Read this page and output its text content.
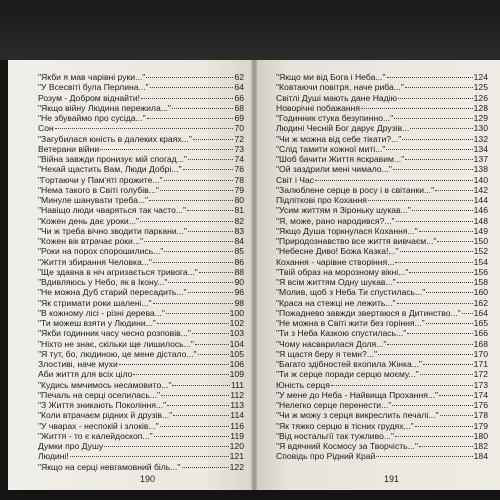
"Якби я мав чарівні руки..."	62
"У Всесвіті була Перлина..."	64
Розум - Добром віднайти!	66
"Якщо війну Людина пережила..."	68
"Не збуваймо про сусіда..."	69
Сон	70
"Загубилася юність в далеких краях..."	72
Ветерани війни	73
"Війна завжди пронизує мій спогад..."	74
"Нехай щастить Вам, Люди Добрі..."	76
"Гортаючи у Пам'яті прожите..."	78
"Нема такого в Світі голубів..."	79
"Минуле шанувати треба..."	80
"Навіщо люди чваряться так часто..."	81
"Кожен день дає уроки..."	82
"Чи ж треба вічно зводити паркани..."	83
"Кожен вік втрачає роки..."	84
"Роки на порох спорошились..."	85
"Життя збирання Человка..."	86
"Ще здавна в ніч агризається тривога..."	88
"Вдивляюсь у Небо, як в Ікону..."	90
"Не можна Дуб старий пересадить..."	96
"Як стримати роки шалені..."	98
"В кожному лісі - різні дерева..."	100
"Ти можеш взяти у Людини..."	102
"Якби годинник часу чесно розповів..."	103
"Ніхто не знає, скільки ще лишилось..."	104
"Я тут, бо, людиною, це мене дістало..."	105
Злостиві, наче мухи	106
Аби життя для всіх ціло	109
"Кудись ммчимось несамовито..."	111
"Печаль на серці оселилась..."	112
"З Життя зникають Покоління..."	113
"Коли втрачаєм рідних й друзів..."	114
"У чварах - неспокій і злоків..."	116
"Життя - то є калейдоскоп..."	119
Думки про Душу	120
Людині!	121
"Якщо на серці невгамовний біль..."	122
190
"Якщо ми від Бога і Неба..."	124
"Ковтаючи повітря, наче риба..."	125
Світлі Душі мають дане Надію	126
Новорічні побажання	128
"Годинник стука безупинно..."	129
Людині Чесній Бог дарує Друзів...	130
"Чи ж можна від себе тікати?..."	132
"Слід тамити кожної миті..."	134
"Шоб бачити Життя яскравим..."	137
"Ой заздрили мені чимало..."	138
Світ і Час	140
"Залюблене серце в росу і в світанки..."	142
Підлітковi про Кохання	144
"Усим життям я Зіроньку шукав..."	146
"Я, може, рано народився?..."	148
"Якщо Душа торкнулася Кохання..."	149
"Природознавство все життя вивчаєм..."	150
"Небесне Диво! Божа Казка!..."	152
Кохання - чарівне створіння...	154
"Твій образ на морозному вікні..."	156
"Я всім життям Одну шукав..."	158
"Молив, щоб з Неба Ти спустилась..."	160
"Краса на стежці не лежить..."	162
"Пожаднево завжди звертаюся в Дитинство..." 164
"Не можна в Світі жити без горіння..."	165
"Ти з Неба Казкою спустилась..."	166
"Чому насварилася Доля..."	168
"Я щастя беру я темн?..."	170
"Багато здібностей вхопила Жінка..."	171
"Ти ж серце поради серцю моєму..."	172
Юність серця	173
"У мене до Неба - Найвища Прохання..."	174
"Нелегко серце перенести..."	176
"Чи ж можу з серця викреслить печалі..."	178
"Як тяжко серцю в тісних грудях..."	179
"Від ностальгії так тужливо..."	180
"Я вдячний Космосу за Творчість..."	182
Сповідь про Рідний Край	184
191
